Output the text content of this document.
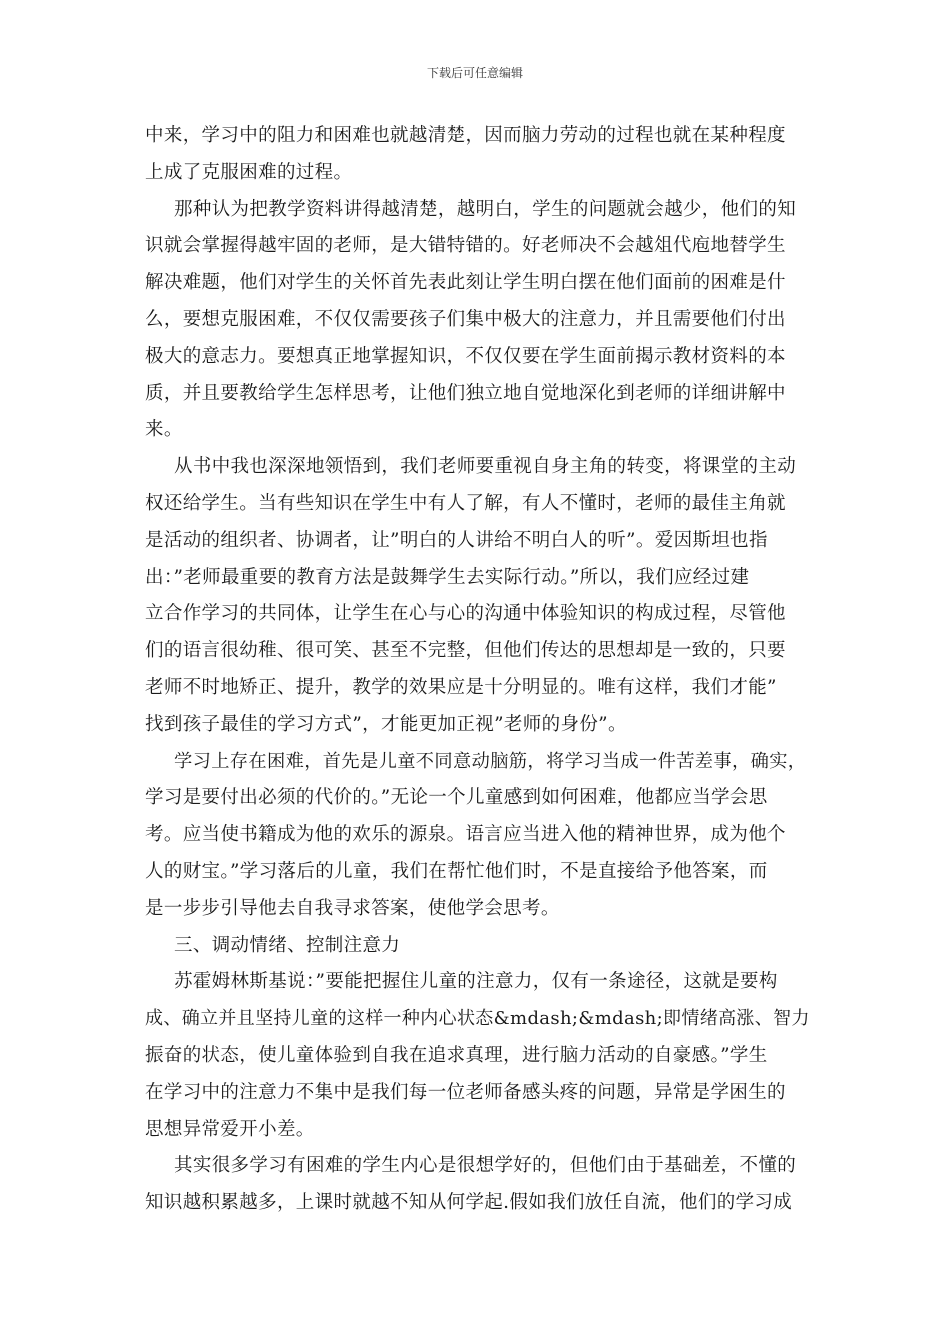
下载后可任意编辑
中来，学习中的阻力和困难也就越清楚，因而脑力劳动的过程也就在某种程度
上成了克服困难的过程。
那种认为把教学资料讲得越清楚，越明白，学生的问题就会越少，他们的知
识就会掌握得越牢固的老师，是大错特错的。好老师决不会越俎代庖地替学生
解决难题，他们对学生的关怀首先表此刻让学生明白摆在他们面前的困难是什
么，要想克服困难，不仅仅需要孩子们集中极大的注意力，并且需要他们付出
极大的意志力。要想真正地掌握知识，不仅仅要在学生面前揭示教材资料的本
质，并且要教给学生怎样思考，让他们独立地自觉地深化到老师的详细讲解中
来。
从书中我也深深地领悟到，我们老师要重视自身主角的转变，将课堂的主动
权还给学生。当有些知识在学生中有人了解，有人不懂时，老师的最佳主角就
是活动的组织者、协调者，让”明白的人讲给不明白人的听”。爱因斯坦也指
出：”老师最重要的教育方法是鼓舞学生去实际行动。”所以，我们应经过建
立合作学习的共同体，让学生在心与心的沟通中体验知识的构成过程，尽管他
们的语言很幼稚、很可笑、甚至不完整，但他们传达的思想却是一致的，只要
老师不时地矫正、提升，教学的效果应是十分明显的。唯有这样，我们才能”
找到孩子最佳的学习方式”，才能更加正视”老师的身份”。
学习上存在困难，首先是儿童不同意动脑筋，将学习当成一件苦差事，确实，
学习是要付出必须的代价的。”无论一个儿童感到如何困难，他都应当学会思
考。应当使书籍成为他的欢乐的源泉。语言应当进入他的精神世界，成为他个
人的财宝。”学习落后的儿童，我们在帮忙他们时，不是直接给予他答案，而
是一步步引导他去自我寻求答案，使他学会思考。
三、调动情绪、控制注意力
苏霍姆林斯基说：”要能把握住儿童的注意力，仅有一条途径，这就是要构
成、确立并且坚持儿童的这样一种内心状态&mdash;&mdash;即情绪高涨、智力
振奋的状态，使儿童体验到自我在追求真理，进行脑力活动的自豪感。”学生
在学习中的注意力不集中是我们每一位老师备感头疼的问题，异常是学困生的
思想异常爱开小差。
其实很多学习有困难的学生内心是很想学好的，但他们由于基础差，不懂的
知识越积累越多，上课时就越不知从何学起.假如我们放任自流，他们的学习成
